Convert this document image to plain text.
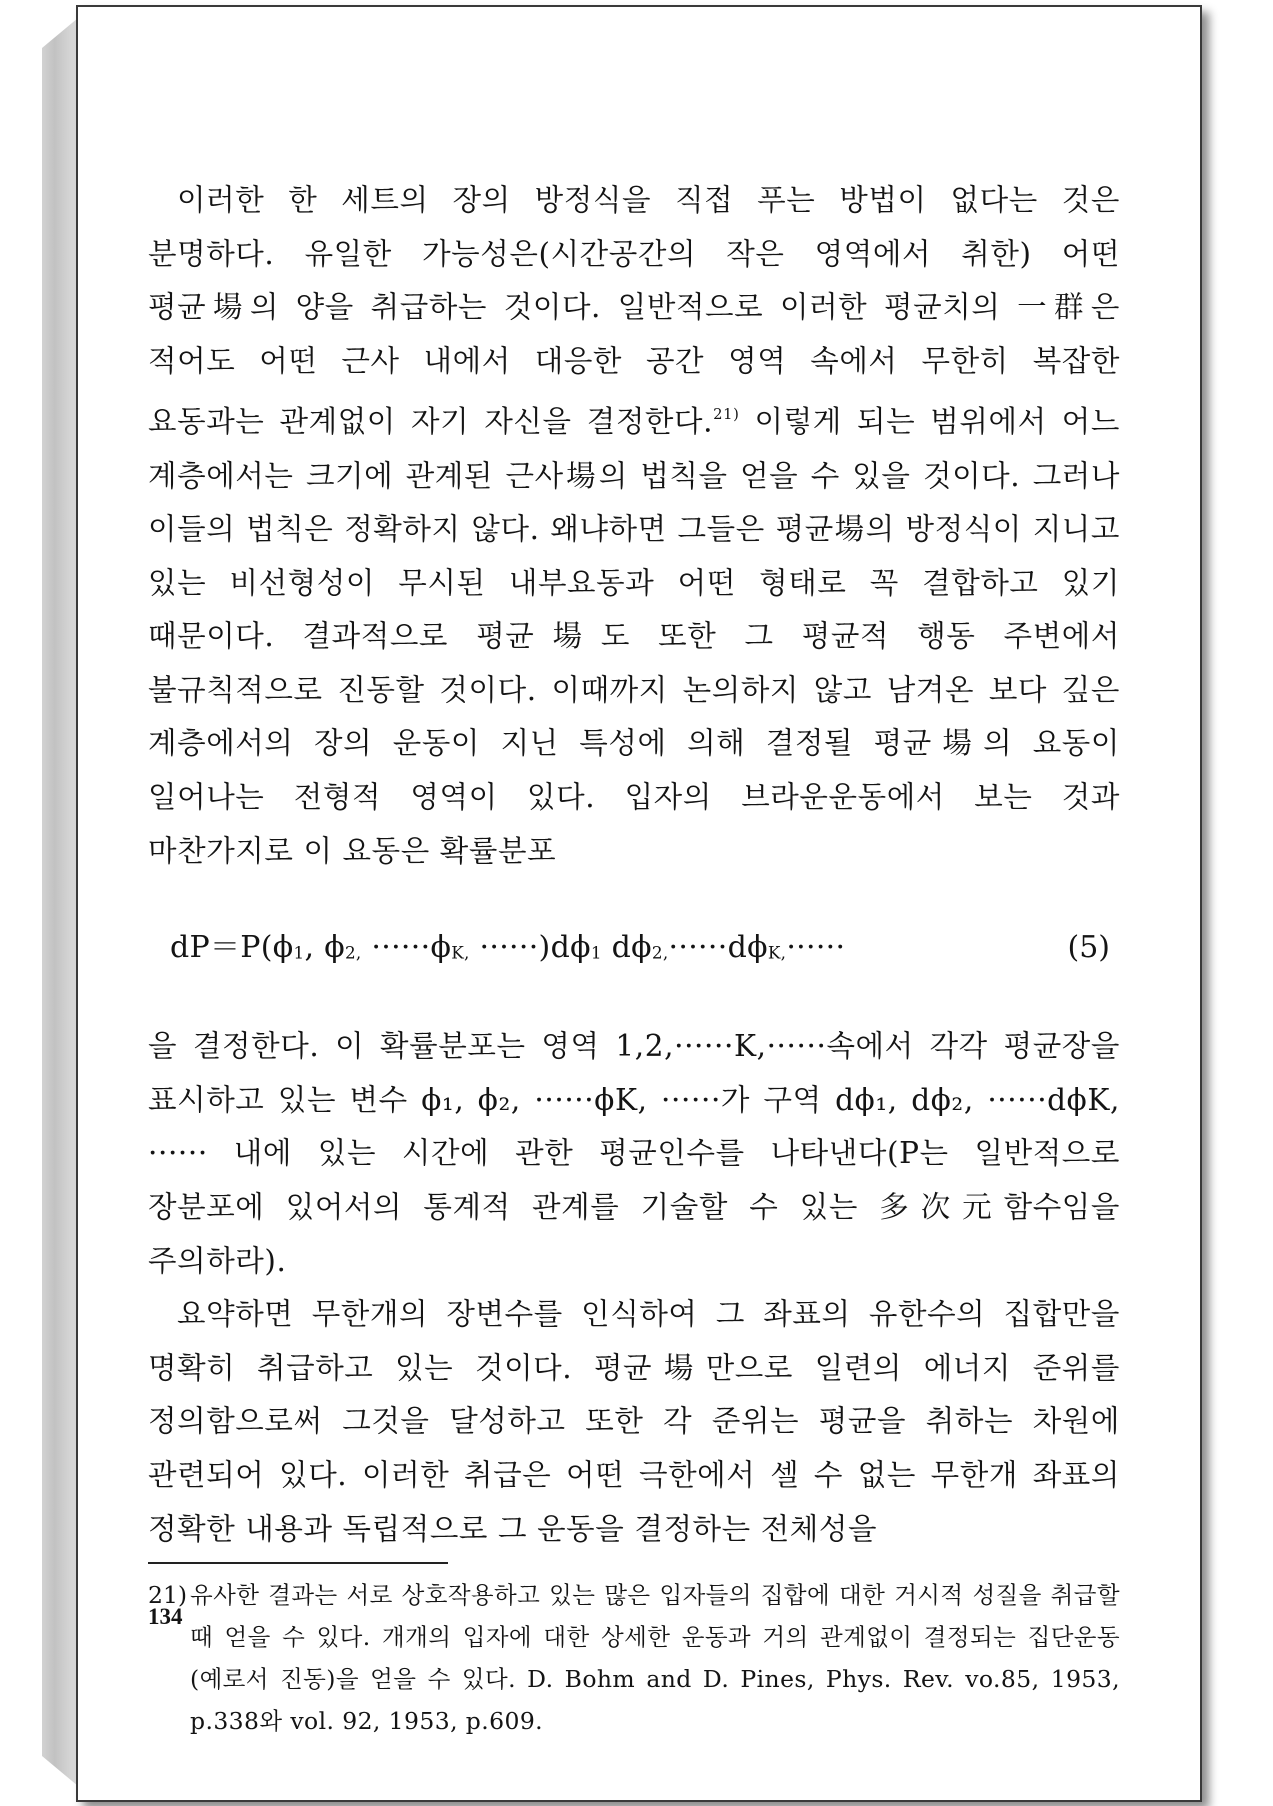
이러한 한 세트의 장의 방정식을 직접 푸는 방법이 없다는 것은 분명하다. 유일한 가능성은(시간공간의 작은 영역에서 취한) 어떤 평균場의 양을 취급하는 것이다. 일반적으로 이러한 평균치의 一群은 적어도 어떤 근사 내에서 대응한 공간 영역 속에서 무한히 복잡한 요동과는 관계없이 자기 자신을 결정한다.$^{21)}$ 이렇게 되는 범위에서 어느 계층에서는 크기에 관계된 근사場의 법칙을 얻을 수 있을 것이다. 그러나 이들의 법칙은 정확하지 않다. 왜냐하면 그들은 평균場의 방정식이 지니고 있는 비선형성이 무시된 내부요동과 어떤 형태로 꼭 결합하고 있기 때문이다. 결과적으로 평균場도 또한 그 평균적 행동 주변에서 불규칙적으로 진동할 것이다. 이때까지 논의하지 않고 남겨온 보다 깊은 계층에서의 장의 운동이 지닌 특성에 의해 결정될 평균場의 요동이 일어나는 전형적 영역이 있다. 입자의 브라운운동에서 보는 것과 마찬가지로 이 요동은 확률분포

dP＝P(ϕ1, ϕ2, ······ϕK, ······)dϕ1 dϕ2,······dϕK,······	(5)

을 결정한다. 이 확률분포는 영역 1,2,······K,······속에서 각각 평균장을 표시하고 있는 변수 ϕ₁, ϕ₂, ······ϕK, ······가 구역 dϕ₁, dϕ₂, ······dϕK, ······ 내에 있는 시간에 관한 평균인수를 나타낸다(P는 일반적으로 장분포에 있어서의 통계적 관계를 기술할 수 있는 多次元함수임을 주의하라).

요약하면 무한개의 장변수를 인식하여 그 좌표의 유한수의 집합만을 명확히 취급하고 있는 것이다. 평균場만으로 일련의 에너지 준위를 정의함으로써 그것을 달성하고 또한 각 준위는 평균을 취하는 차원에 관련되어 있다. 이러한 취급은 어떤 극한에서 셀 수 없는 무한개 좌표의 정확한 내용과 독립적으로 그 운동을 결정하는 전체성을

21) 유사한 결과는 서로 상호작용하고 있는 많은 입자들의 집합에 대한 거시적 성질을 취급할 때 얻을 수 있다. 개개의 입자에 대한 상세한 운동과 거의 관계없이 결정되는 집단운동(예로서 진동)을 얻을 수 있다. D. Bohm and D. Pines, Phys. Rev. vo.85, 1953, p.338와 vol. 92, 1953, p.609.
134
